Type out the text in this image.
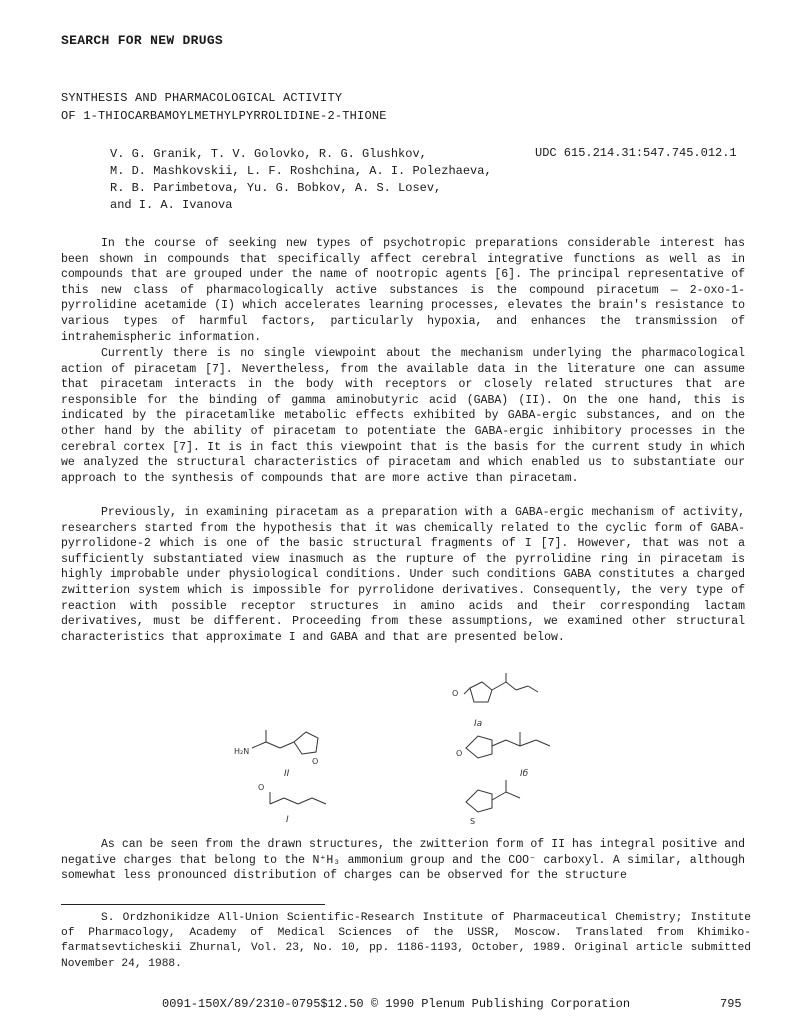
SEARCH FOR NEW DRUGS
SYNTHESIS AND PHARMACOLOGICAL ACTIVITY
OF 1-THIOCARBAMOYLMETHYLPYRROLIDINE-2-THIONE
V. G. Granik, T. V. Golovko, R. G. Glushkov,
M. D. Mashkovskii, L. F. Roshchina, A. I. Polezhaeva,
R. B. Parimbetova, Yu. G. Bobkov, A. S. Losev,
and I. A. Ivanova
UDC 615.214.31:547.745.012.1

In the course of seeking new types of psychotropic preparations considerable interest has been shown in compounds that specifically affect cerebral integrative functions as well as in compounds that are grouped under the name of nootropic agents [6]. The principal representative of this new class of pharmacologically active substances is the compound piracetum — 2-oxo-1-pyrrolidine acetamide (I) which accelerates learning processes, elevates the brain's resistance to various types of harmful factors, particularly hypoxia, and enhances the transmission of intrahemispheric information.

Currently there is no single viewpoint about the mechanism underlying the pharmacological action of piracetam [7]. Nevertheless, from the available data in the literature one can assume that piracetam interacts in the body with receptors or closely related structures that are responsible for the binding of gamma aminobutyric acid (GABA) (II). On the one hand, this is indicated by the piracetamlike metabolic effects exhibited by GABA-ergic substances, and on the other hand by the ability of piracetam to potentiate the GABA-ergic inhibitory processes in the cerebral cortex [7]. It is in fact this viewpoint that is the basis for the current study in which we analyzed the structural characteristics of piracetam and which enabled us to substantiate our approach to the synthesis of compounds that are more active than piracetam.

Previously, in examining piracetam as a preparation with a GABA-ergic mechanism of activity, researchers started from the hypothesis that it was chemically related to the cyclic form of GABA-pyrrolidone-2 which is one of the basic structural fragments of I [7]. However, that was not a sufficiently substantiated view inasmuch as the rupture of the pyrrolidine ring in piracetam is highly improbable under physiological conditions. Under such conditions GABA constitutes a charged zwitterion system which is impossible for pyrrolidone derivatives. Consequently, the very type of reaction with possible receptor structures in amino acids and their corresponding lactam derivatives, must be different. Proceeding from these assumptions, we examined other structural characteristics that approximate I and GABA and that are presented below.

O
Iа
H₂N
O
II
O
Iб
O
I	S

As can be seen from the drawn structures, the zwitterion form of II has integral positive and negative charges that belong to the N⁺H₃ ammonium group and the COO⁻ carboxyl. A similar, although somewhat less pronounced distribution of charges can be observed for the structure

S. Ordzhonikidze All-Union Scientific-Research Institute of Pharmaceutical Chemistry; Institute of Pharmacology, Academy of Medical Sciences of the USSR, Moscow. Translated from Khimiko-farmatsevticheskii Zhurnal, Vol. 23, No. 10, pp. 1186-1193, October, 1989. Original article submitted November 24, 1988.

0091-150X/89/2310-0795$12.50 © 1990 Plenum Publishing Corporation	795
